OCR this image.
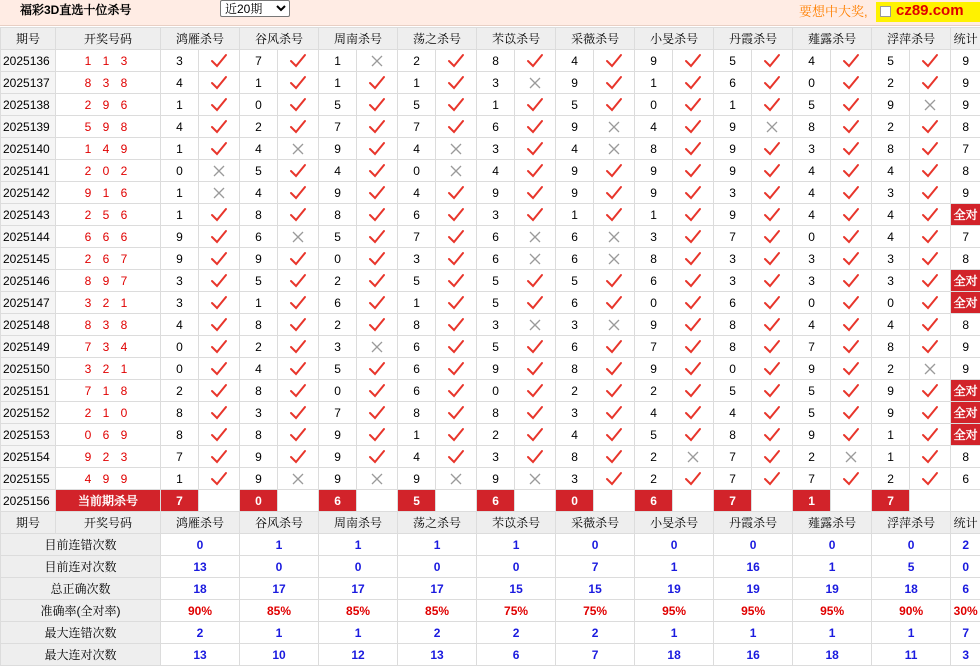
福彩3D直选十位杀号
近20期	要想中大奖, cz89.com
期号	开奖号码	鸿雁杀号		谷风杀号		周南杀号		荡之杀号		芣苡杀号		采薇杀号		小旻杀号		丹霞杀号		薤露杀号		浮萍杀号		统计
2025136	1 1 3	3		7		1		2		8		4		9		5		4		5		9
2025137	8 3 8	4		1		1		1		3		9		1		6		0		2		9
2025138	2 9 6	1		0		5		5		1		5		0		1		5		9		9
2025139	5 9 8	4		2		7		7		6		9		4		9		8		2		8
2025140	1 4 9	1		4		9		4		3		4		8		9		3		8		7
2025141	2 0 2	0		5		4		0		4		9		9		9		4		4		8
2025142	9 1 6	1		4		9		4		9		9		9		3		4		3		9
2025143	2 5 6	1		8		8		6		3		1		1		9		4		4		全对
2025144	6 6 6	9		6		5		7		6		6		3		7		0		4		7
2025145	2 6 7	9		9		0		3		6		6		8		3		3		3		8
2025146	8 9 7	3		5		2		5		5		5		6		3		3		3		全对
2025147	3 2 1	3		1		6		1		5		6		0		6		0		0		全对
2025148	8 3 8	4		8		2		8		3		3		9		8		4		4		8
2025149	7 3 4	0		2		3		6		5		6		7		8		7		8		9
2025150	3 2 1	0		4		5		6		9		8		9		0		9		2		9
2025151	7 1 8	2		8		0		6		0		2		2		5		5		9		全对
2025152	2 1 0	8		3		7		8		8		3		4		4		5		9		全对
2025153	0 6 9	8		8		9		1		2		4		5		8		9		1		全对
2025154	9 2 3	7		9		9		4		3		8		2		7		2		1		8
2025155	4 9 9	1		9		9		9		9		3		2		7		7		2		6
2025156	当前期杀号	7		0		6		5		6		0		6		7		1		7		
期号	开奖号码	鸿雁杀号		谷风杀号		周南杀号		荡之杀号		芣苡杀号		采薇杀号		小旻杀号		丹霞杀号		薤露杀号		浮萍杀号		统计
目前连错次数		0		1		1		1		1		0		0		0		0		0		2
目前连对次数		13		0		0		0		0		7		1		16		1		5		0
总正确次数		18		17		17		17		15		15		19		19		19		18		6
准确率(全对率)		90%		85%		85%		85%		75%		75%		95%		95%		95%		90%		30%
最大连错次数		2		1		1		2		2		2		1		1		1		1		7
最大连对次数		13		10		12		13		6		7		18		16		18		11		3
